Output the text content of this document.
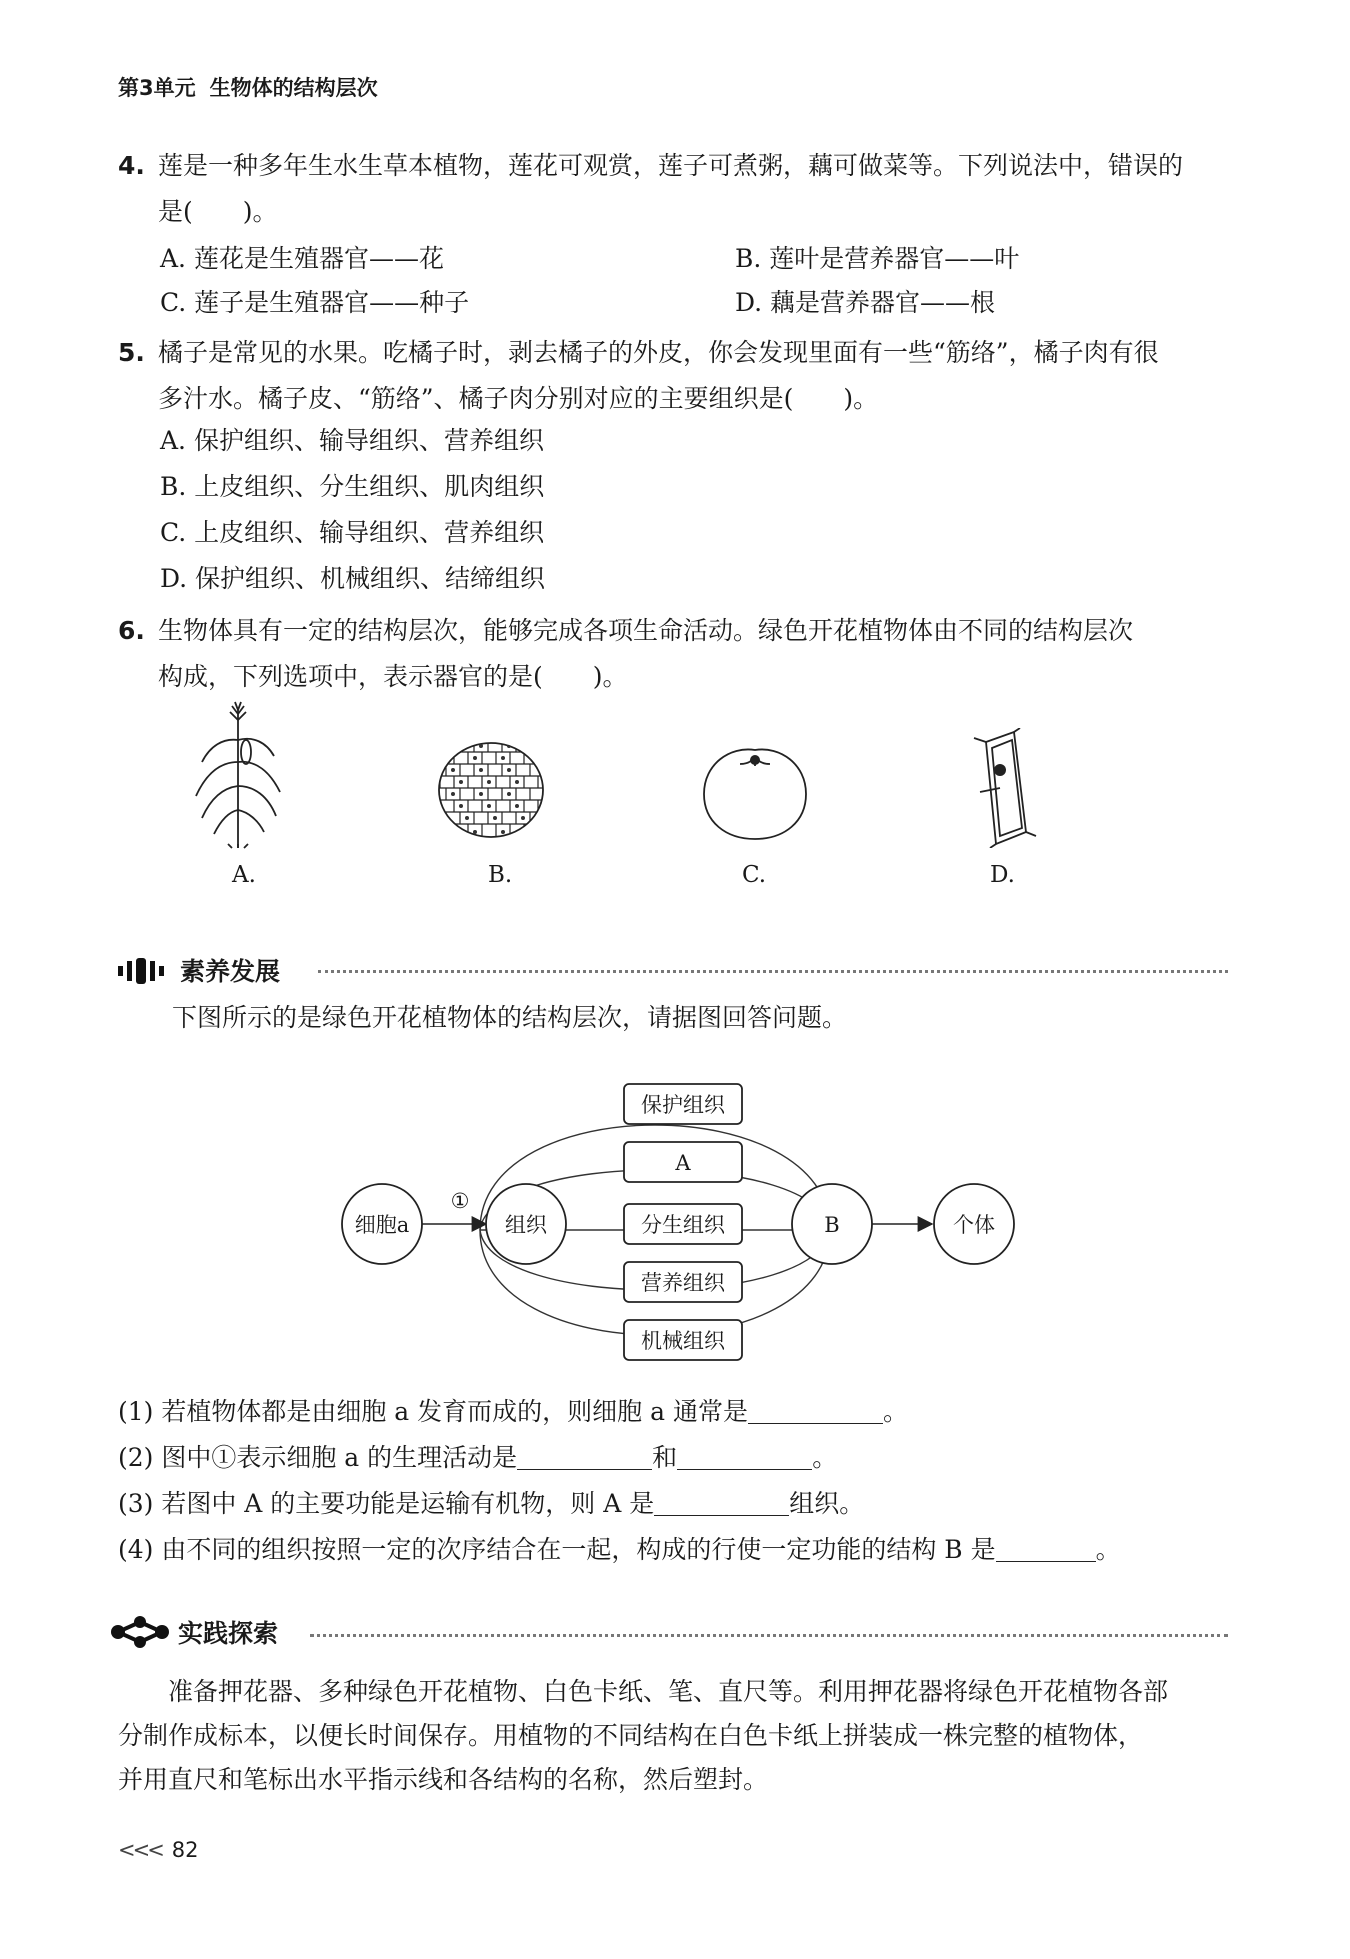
第3单元 生物体的结构层次
4. 莲是一种多年生水生草本植物，莲花可观赏，莲子可煮粥，藕可做菜等。下列说法中，错误的
是(　　)。
A. 莲花是生殖器官——花	B. 莲叶是营养器官——叶
C. 莲子是生殖器官——种子	D. 藕是营养器官——根
5. 橘子是常见的水果。吃橘子时，剥去橘子的外皮，你会发现里面有一些“筋络”，橘子肉有很
多汁水。橘子皮、“筋络”、橘子肉分别对应的主要组织是(　　)。
A. 保护组织、输导组织、营养组织
B. 上皮组织、分生组织、肌肉组织
C. 上皮组织、输导组织、营养组织
D. 保护组织、机械组织、结缔组织
6. 生物体具有一定的结构层次，能够完成各项生命活动。绿色开花植物体由不同的结构层次
构成，下列选项中，表示器官的是(　　)。
A.	B.	C.	D.
素养发展
下图所示的是绿色开花植物体的结构层次，请据图回答问题。
细胞a
①
组织	B	个体
保护组织
A
分生组织
营养组织
机械组织
(1) 若植物体都是由细胞 a 发育而成的，则细胞 a 通常是	。
(2) 图中①表示细胞 a 的生理活动是	和	。
(3) 若图中 A 的主要功能是运输有机物，则 A 是	组织。
(4) 由不同的组织按照一定的次序结合在一起，构成的行使一定功能的结构 B 是	。
实践探索
准备押花器、多种绿色开花植物、白色卡纸、笔、直尺等。利用押花器将绿色开花植物各部
分制作成标本，以便长时间保存。用植物的不同结构在白色卡纸上拼装成一株完整的植物体，
并用直尺和笔标出水平指示线和各结构的名称，然后塑封。
<<< 82
